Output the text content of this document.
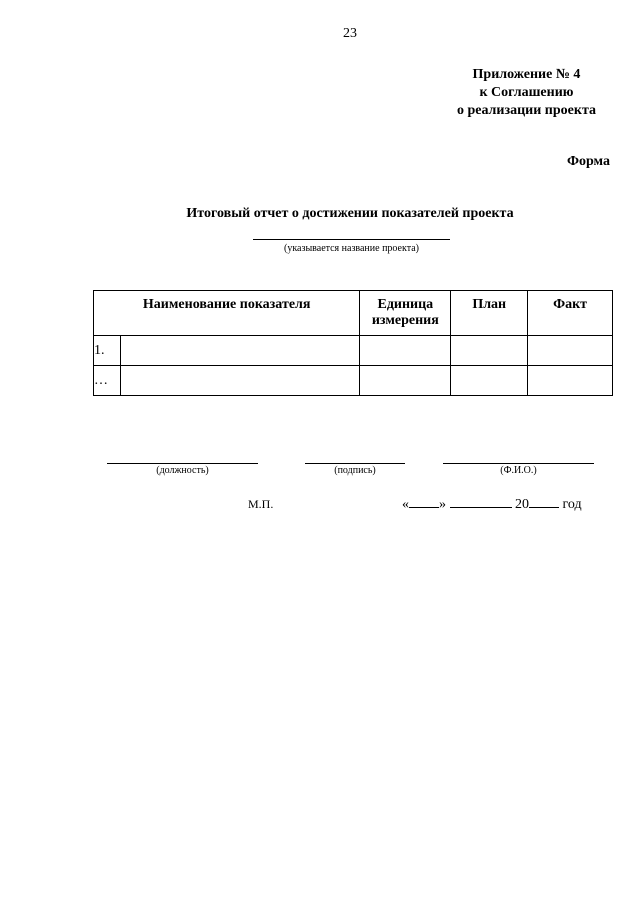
23
Приложение № 4
к Соглашению
о реализации проекта
Форма
Итоговый отчет о достижении показателей проекта
(указывается название проекта)
Наименование показателя		Единица измерения	План	Факт
1.				
…				
(должность)	(подпись)	(Ф.И.О.)
М.П.	« »	20 год
